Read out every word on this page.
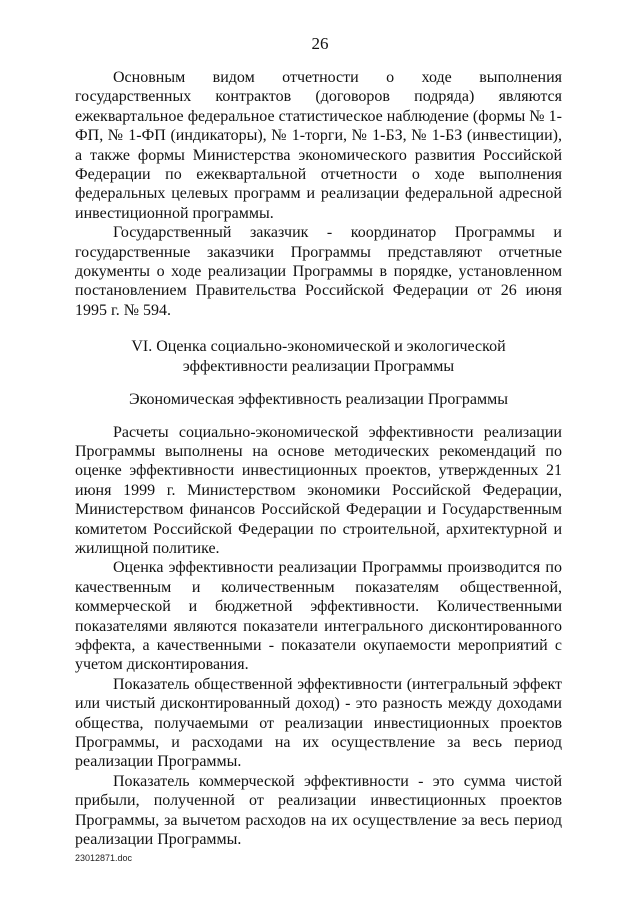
26

Основным видом отчетности о ходе выполнения государственных контрактов (договоров подряда) являются ежеквартальное федеральное статистическое наблюдение (формы № 1-ФП, № 1-ФП (индикаторы), № 1-торги, № 1-БЗ, № 1-БЗ (инвестиции), а также формы Министерства экономического развития Российской Федерации по ежеквартальной отчетности о ходе выполнения федеральных целевых программ и реализации федеральной адресной инвестиционной программы.

Государственный заказчик - координатор Программы и государственные заказчики Программы представляют отчетные документы о ходе реализации Программы в порядке, установленном постановлением Правительства Российской Федерации от 26 июня 1995 г. № 594.

VI. Оценка социально-экономической и экологической
эффективности реализации Программы
Экономическая эффективность реализации Программы

Расчеты социально-экономической эффективности реализации Программы выполнены на основе методических рекомендаций по оценке эффективности инвестиционных проектов, утвержденных 21 июня 1999 г. Министерством экономики Российской Федерации, Министерством финансов Российской Федерации и Государственным комитетом Российской Федерации по строительной, архитектурной и жилищной политике.

Оценка эффективности реализации Программы производится по качественным и количественным показателям общественной, коммерческой и бюджетной эффективности. Количественными показателями являются показатели интегрального дисконтированного эффекта, а качественными - показатели окупаемости мероприятий с учетом дисконтирования.

Показатель общественной эффективности (интегральный эффект или чистый дисконтированный доход) - это разность между доходами общества, получаемыми от реализации инвестиционных проектов Программы, и расходами на их осуществление за весь период реализации Программы.

Показатель коммерческой эффективности - это сумма чистой прибыли, полученной от реализации инвестиционных проектов Программы, за вычетом расходов на их осуществление за весь период реализации Программы.

23012871.doc
